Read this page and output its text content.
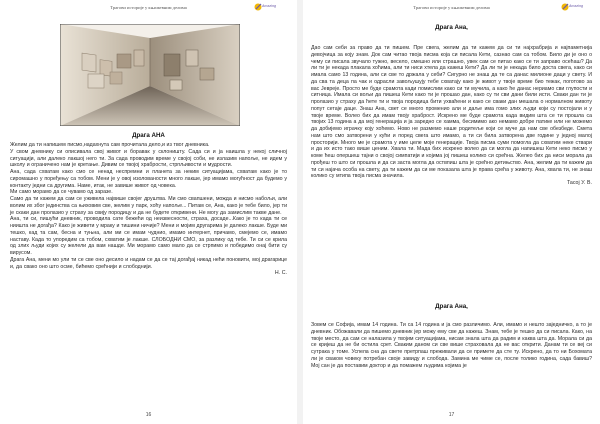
Трагови историје у књижевним делима	Amazing
Драга АНА

Желим да ти напишем писмо,надахнута сам прочитала дело,и из твог дневника.

У свом дневнику си описивала свој живот и боравак у склоништу. Сада си и ја наишла у некој сличној ситуацији, али далеко лакшој него ти. За сада проводим време у својој соби, не излазим напоље, не идем у школу и ограничено нам је кретање. Дивим се твојој храбрости, стрпљивости и мудрости.

Ана, сада схватам како смо се ненад неспремни и планета за неким ситуацијама, схватам како је то сиромашно у поређењу са тобом. Мени је у овој изолованости много лакше, јер имамо могућност да будемо у контакту једни са другима. Наме, итак, не завише живот од човека.

Ми само морамо да се чувамо од заразе.

Само да ти кажем да сам се уживела највише својег друштва. Ми смо свапшени, можда и нисмо набољи, али волим их због јединства са њиховим све, желим у парк, хоћу напоље... Питам се, Ана, како је тебе било, јер ти је скаки дан пролазио у страху за свију породицу и да не будете откривени. Не могу да замислим такве дане.

Ана, ти си, пишући дневник, проводила сате бежећи од неизвесности, страха, досаде...Како је то када ти се ниишта не догађа? Како је живети у мраку и тишини ничије? Мени и мојим другарима је далеко лакше. Буде ми тешко, кад та сам, бесна и туњна, али ми се имам чуднио, имамо интернет, причамо, смејемо се, имамо наставу. Када то упоредим са тобом, схватим је лакше. СЛОБОДНИ СМО, за разлику од тебе. Ти си се крила од злих људи којих су желели да вам нашде. Ми морамо само мало да се стрпимо и победимо онај бити су вирусом.

Драга Ана, мени мо ули ти се све оно десило и надам се да се тај догађај никад нећи поновити, мој драгарице и, да свако оно што осме, бићемо срећнији и слободнији.

Н. С.

16
Трагови историје у књижевним делима	Amazing
Драга Ана,

Дао сам себи за право да ти пишем. Пре свега, желим да ти кажем да си ти најхрабрија и најпаметнија девојчица за коју знам. Док сам читао твоја писма која си писала Кети, сазнао сам са тобом. Било ди је оно о чему си писала звучало тужно, весело, смешно или страшно, увек сам се питао како се ти заправо осећаш? Да ли ти је некада плакала хоћима, али ти ниси хтела да кажеш Кети? Да ли ти је некада било доста свега, како си имала само 13 година, али си све то држала у себи? Сигурно не знаш да те са данас милионе даци у свету. И да сва та деца па чак и одрасли завољушују тебе схватају како је живот у твоје време био тежак, поготово за вас Јевреје. Просто ме буде срамота кади помислим како си ти мучила, а како ће данас нериамо сви глупости и ситница. Имала си вољи да пишеш Кети како ти је прошао дан, како су ти сви дани били исти. Сваки дан ти је пролазио у страху да ћете ти и твоја породица бити ухваћени и како се сваки дан мешала о нормалном животу попут сетаје даце. Знаш Ана, свет се много променио али и даље има гомо злих људи који су постојали и у твоје време. Волео бих да имам твоју храброст. Искрено ме буде срамота када видим шта се ти прошла са твојих 13 година а да мој генерација и ја заредно се хамма, бесимимо ако немамо добре патике или не можемо да добијемо играчку коју хоћемо. Ново не размемо наше родитеље који се муче да нам све обезбеде. Смета нам што смо затворени у кући и поред свега што имамо, а ти си била затворена две године у једној малој просторији. Много ме је срамота у име целе моје генерације. Твоја писма суми помогла да схватим неке ствари и да их исто тако више ценим. Хвала ти. Мада бих искрено волео да си могла да напишеш Кети неко писмо у коме ћеш опершеш тајни о својој симпатији и којима јој пишеш колико си срећна. Желео бих да ниси морала да прођеш то што си прошла и да си заста могла да оствпиш шта је срећно детињство. Ана, желим да ти кажем да ти си најача особа на свету, да ти кажем да си ме показала шта је права срећа у животу. Ана, хвала ти, не знаш колико су мтипа твоја писма значила.

Тасој У. В.

Драга Ана,

Зовем се Софија, имам 14 година. Ти са 14 година и ја смо различимо. Али, имамо и нешто заједничко, а то је дневник. Обожавали да пишемо дневник јер можу ему све да кажеш. Знам, тебе је тешко да си писала. Како, на твоје место, да сам се налазила у твојим ситуацијама, нисам знала шта да радим и каква шта да. Морала си да се кријеш да не би остила срет. Сваким даном си све више страховала да не вас открити. Данам ти се веј си сутрака у томе. Успела сна да свете претрпаш преживали да се примете да сте ту. Искрено, да то ни Бохомата ли је сваком човеку потребан своје завиду и слобода. Замина ме чимe се, после толико година, сада бавиш? Мој сан је да поставим доктор и да помажем људима којима је

17
